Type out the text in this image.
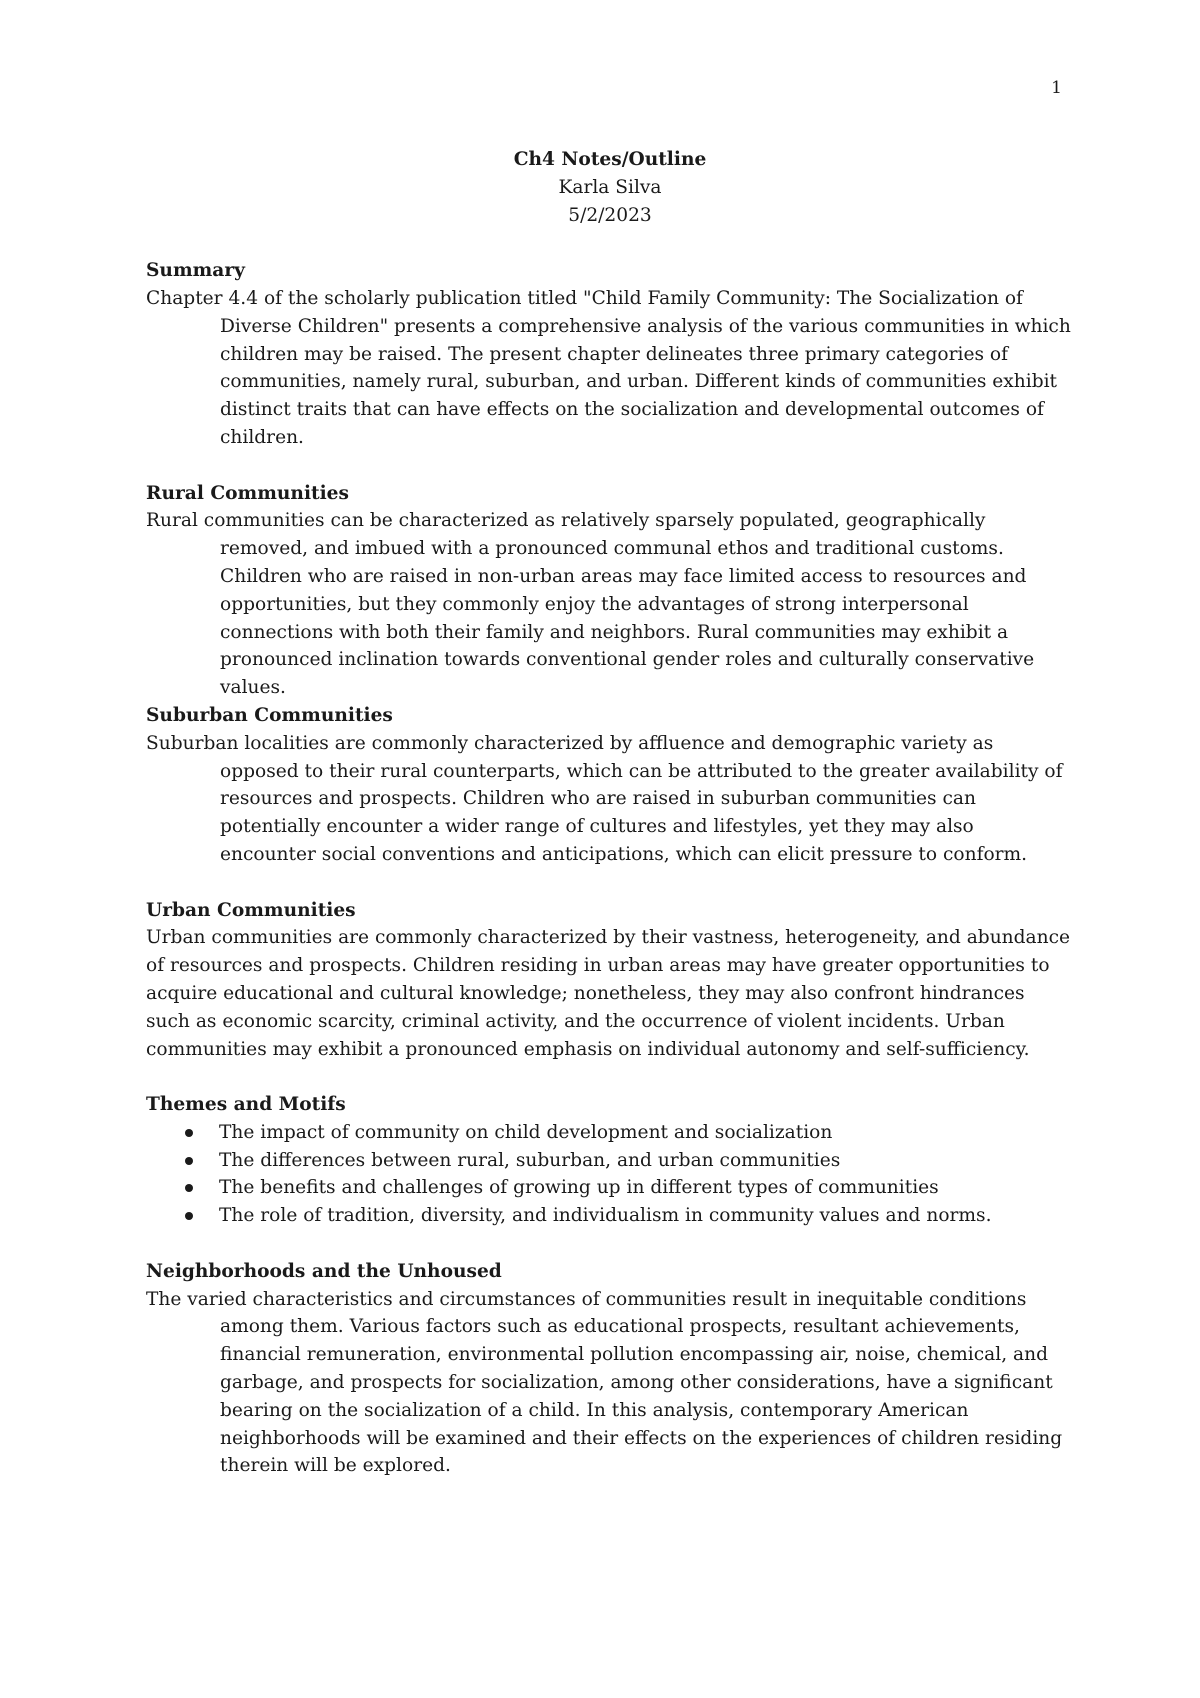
1
Ch4 Notes/Outline
Karla Silva
5/2/2023
Summary

Chapter 4.4 of the scholarly publication titled "Child Family Community: The Socialization of Diverse Children" presents a comprehensive analysis of the various communities in which children may be raised. The present chapter delineates three primary categories of communities, namely rural, suburban, and urban. Different kinds of communities exhibit distinct traits that can have effects on the socialization and developmental outcomes of children.

Rural Communities

Rural communities can be characterized as relatively sparsely populated, geographically removed, and imbued with a pronounced communal ethos and traditional customs. Children who are raised in non-urban areas may face limited access to resources and opportunities, but they commonly enjoy the advantages of strong interpersonal connections with both their family and neighbors. Rural communities may exhibit a pronounced inclination towards conventional gender roles and culturally conservative values.

Suburban Communities

Suburban localities are commonly characterized by affluence and demographic variety as opposed to their rural counterparts, which can be attributed to the greater availability of resources and prospects. Children who are raised in suburban communities can potentially encounter a wider range of cultures and lifestyles, yet they may also encounter social conventions and anticipations, which can elicit pressure to conform.

Urban Communities

Urban communities are commonly characterized by their vastness, heterogeneity, and abundance of resources and prospects. Children residing in urban areas may have greater opportunities to acquire educational and cultural knowledge; nonetheless, they may also confront hindrances such as economic scarcity, criminal activity, and the occurrence of violent incidents. Urban communities may exhibit a pronounced emphasis on individual autonomy and self-sufficiency.

Themes and Motifs
The impact of community on child development and socialization
The differences between rural, suburban, and urban communities
The benefits and challenges of growing up in different types of communities
The role of tradition, diversity, and individualism in community values and norms.
Neighborhoods and the Unhoused

The varied characteristics and circumstances of communities result in inequitable conditions among them. Various factors such as educational prospects, resultant achievements, financial remuneration, environmental pollution encompassing air, noise, chemical, and garbage, and prospects for socialization, among other considerations, have a significant bearing on the socialization of a child. In this analysis, contemporary American neighborhoods will be examined and their effects on the experiences of children residing therein will be explored.
